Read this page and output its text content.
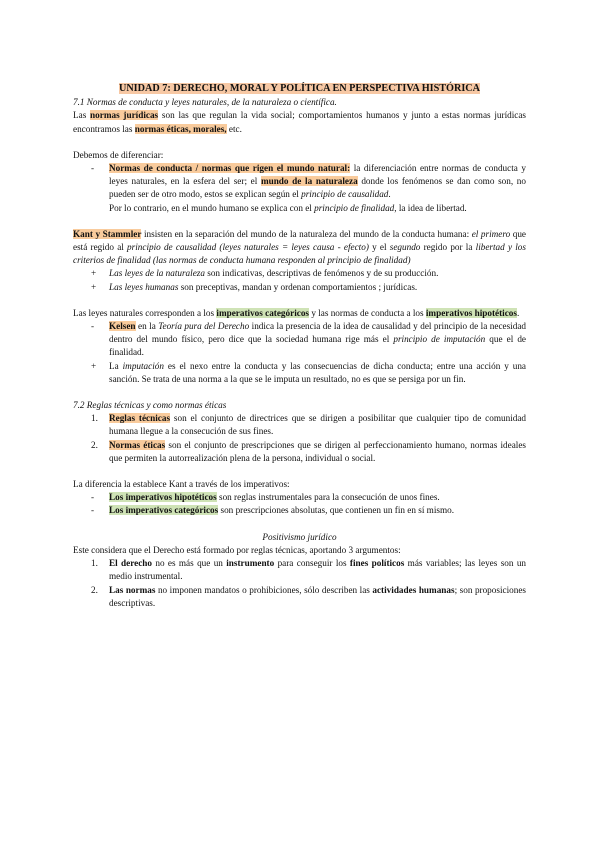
UNIDAD 7: DERECHO, MORAL Y POLÍTICA EN PERSPECTIVA HISTÓRICA

7.1 Normas de conducta y leyes naturales, de la naturaleza o científica.

Las normas jurídicas son las que regulan la vida social; comportamientos humanos y junto a estas normas jurídicas encontramos las normas éticas, morales, etc.

Debemos de diferenciar:

-	Normas de conducta / normas que rigen el mundo natural: la diferenciación entre normas de conducta y leyes naturales, en la esfera del ser; el mundo de la naturaleza donde los fenómenos se dan como son, no pueden ser de otro modo, estos se explican según el principio de causalidad.
Por lo contrario, en el mundo humano se explica con el principio de finalidad, la idea de libertad.

Kant y Stammler insisten en la separación del mundo de la naturaleza del mundo de la conducta humana: el primero que está regido al principio de causalidad (leyes naturales = leyes causa - efecto) y el segundo regido por la libertad y los criterios de finalidad (las normas de conducta humana responden al principio de finalidad)

+	Las leyes de la naturaleza son indicativas, descriptivas de fenómenos y de su producción.
+	Las leyes humanas son preceptivas, mandan y ordenan comportamientos ; jurídicas.

Las leyes naturales corresponden a los imperativos categóricos y las normas de conducta a los imperativos hipotéticos.

-	Kelsen en la Teoría pura del Derecho indica la presencia de la idea de causalidad y del principio de la necesidad dentro del mundo físico, pero dice que la sociedad humana rige más el principio de imputación que el de finalidad.
+	La imputación es el nexo entre la conducta y las consecuencias de dicha conducta; entre una acción y una sanción. Se trata de una norma a la que se le imputa un resultado, no es que se persiga por un fin.

7.2 Reglas técnicas y como normas éticas

1.	Reglas técnicas son el conjunto de directrices que se dirigen a posibilitar que cualquier tipo de comunidad humana llegue a la consecución de sus fines.
2.	Normas éticas son el conjunto de prescripciones que se dirigen al perfeccionamiento humano, normas ideales que permiten la autorrealización plena de la persona, individual o social.

La diferencia la establece Kant a través de los imperativos:

-	Los imperativos hipotéticos son reglas instrumentales para la consecución de unos fines.
-	Los imperativos categóricos son prescripciones absolutas, que contienen un fin en sí mismo.

Positivismo jurídico

Este considera que el Derecho está formado por reglas técnicas, aportando 3 argumentos:

1.	El derecho no es más que un instrumento para conseguir los fines políticos más variables; las leyes son un medio instrumental.
2.	Las normas no imponen mandatos o prohibiciones, sólo describen las actividades humanas; son proposiciones descriptivas.
